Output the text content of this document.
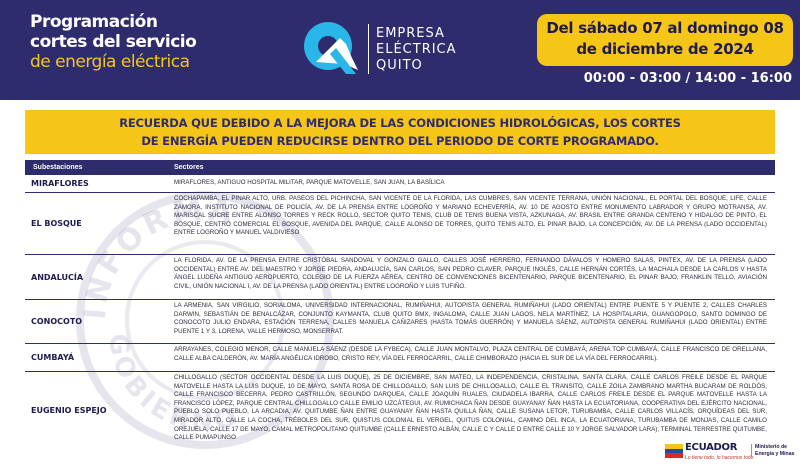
Programación
cortes del servicio
de energía eléctrica
EMPRESA
ELÉCTRICA
QUITO
Del sábado 07 al domingo 08
de diciembre de 2024
00:00 - 03:00 / 14:00 - 16:00
RECUERDA QUE DEBIDO A LA MEJORA DE LAS CONDICIONES HIDROLÓGICAS, LOS CORTES
DE ENERGÍA PUEDEN REDUCIRSE DENTRO DEL PERIODO DE CORTE PROGRAMADO.
Subestaciones	Sectores
MIRAFLORES	MIRAFLORES, ANTIGUO HOSPITAL MILITAR, PARQUE MATOVELLE, SAN JUAN, LA BASÍLICA
EL BOSQUE
COCHAPAMBA, EL PINAR ALTO, URB. PASEOS DEL PICHINCHA, SAN VICENTE DE LA FLORIDA, LAS CUMBRES, SAN VICENTE TERRANA, UNIÓN NACIONAL, EL PORTAL DEL BOSQUE, LIFE, CALLE ZAMORA, INSTITUTO NACIONAL DE POLICÍA, AV. DE LA PRENSA ENTRE LOGROÑO Y MARIANO ECHEVERRÍA, AV. 10 DE AGOSTO ENTRE MONUMENTO LABRADOR Y GRUPO MOTRANSA, AV. MARISCAL SUCRE ENTRE ALONSO TORRES Y RECK ROLLO, SECTOR QUITO TENIS, CLUB DE TENIS BUENA VISTA, AZKUNAGA, AV. BRASIL ENTRE GRANDA CENTENO Y HIDALGO DE PINTO, EL BOSQUE, CENTRO COMERCIAL EL BOSQUE, AVENIDA DEL PARQUE, CALLE ALONSO DE TORRES, QUITO TENIS ALTO, EL PINAR BAJO, LA CONCEPCIÓN, AV. DE LA PRENSA (LADO OCCIDENTAL) ENTRE LOGROÑO Y MANUEL VALDIVIESO
ANDALUCÍA
LA FLORIDA, AV. DE LA PRENSA ENTRE CRISTÓBAL SANDOVAL Y GONZALO GALLO, CALLES JOSÉ HERRERO, FERNANDO DÁVALOS Y HOMERO SALAS, PINTEX, AV. DE LA PRENSA (LADO OCCIDENTAL) ENTRE AV. DEL MAESTRO Y JORGE PIEDRA, ANDALUCÍA, SAN CARLOS, SAN PEDRO CLAVER, PARQUE INGLÉS, CALLE HERNÁN CORTÉS, LA MACHALA DESDE LA CARLOS V HASTA ÁNGEL LUDEÑA ANTIGUO AEROPUERTO, COLEGIO DE LA FUERZA AÉREA, CENTRO DE CONVENCIONES BICENTENARIO, PARQUE BICENTENARIO, EL PINAR BAJO, FRANKLIN TELLO, AVIACIÓN CIVIL, UNIÓN NACIONAL I, AV. DE LA PRENSA (LADO ORIENTAL) ENTRE LOGROÑO Y LUIS TUFIÑO.
CONOCOTO
LA ARMENIA, SAN VIRGILIO, SORIALOMA, UNIVERSIDAD INTERNACIONAL, RUMIÑAHUI, AUTOPISTA GENERAL RUMIÑAHUI (LADO ORIENTAL) ENTRE PUENTE 5 Y PUENTE 2, CALLES CHARLES DARWIN, SEBASTIÁN DE BENALCÁZAR, CONJUNTO KAYMANTA, CLUB QUITO BMX, INGALOMA, CALLE JUAN LAGOS, NELA MARTÍNEZ, LA HOSPITALARIA, GUANGOPOLO, SANTO DOMINGO DE CONOCOTO JULIO ENDARA, ESTACIÓN TERRENA, CALLES MANUELA CAÑIZARES (HASTA TOMÁS GUERRÓN) Y MANUELA SÁENZ, AUTOPISTA GENERAL RUMIÑAHUI (LADO ORIENTAL) ENTRE PUENTE 1 Y 3, LORENA, VALLE HERMOSO, MONSERRAT.
CUMBAYÁ
ARRAYANES, COLEGIO MENOR, CALLE MANUELA SÁENZ (DESDE LA FYBECA), CALLE JUAN MONTALVO, PLAZA CENTRAL DE CUMBAYÁ, ARENA TOP CUMBAYÁ, CALLE FRANCISCO DE ORELLANA, CALLE ALBA CALDERÓN, AV. MARÍA ANGÉLICA IDROBO, CRISTO REY, VÍA DEL FERROCARRIL, CALLE CHIMBORAZO (HACIA EL SUR DE LA VÍA DEL FERROCARRIL).
EUGENIO ESPEJO
CHILLOGALLO (SECTOR OCCIDENTAL DESDE LA LUIS DUQUE), 25 DE DICIEMBRE, SAN MATEO, LA INDEPENDENCIA, CRISTALINA, SANTA CLARA, CALLE CARLOS FREILE DESDE EL PARQUE MATOVELLE HASTA LA LUIS DUQUE, 10 DE MAYO, SANTA ROSA DE CHILLOGALLO, SAN LUIS DE CHILLOGALLO, CALLE EL TRANSITO, CALLE ZOILA ZAMBRANO MARTHA BUCARAM DE ROLDÓS, CALLE FRANCISCO BECERRA, PEDRO CASTRILLÓN, SEGUNDO DARQUEA, CALLE JOAQUÍN RUALES, CIUDADELA IBARRA, CALLE CARLOS FREILE DESDE EL PARQUE MATOVELLE HASTA LA FRANCISCO LÓPEZ, PARQUE CENTRAL CHILLOGALLO CALLE EMILIO UZCÁTEGUI, AV. RUMICHACA ÑAN DESDE GUAYANAY ÑAN HASTA LA ECUATORIANA, COOPERATIVA DEL EJÉRCITO NACIONAL, PUEBLO SOLO PUEBLO, LA ARCADIA, AV. QUITUMBE ÑAN ENTRE GUAYANAY ÑAN HASTA QUILLA ÑAN, CALLE SUSANA LETOR, TURUBAMBA, CALLE CARLOS VILLACÍS, ORQUÍDEAS DEL SUR, MIRADOR ALTO, CALLE LA COCHA, TRÉBOLES DEL SUR, QUISTUS COLONIAL EL VERGEL, QUITUS COLONIAL, CAMINO DEL INCA, LA ECUATORIANA, TURUBAMBA DE MONJAS, CALLE CAMILO OREJUELA, CALLE 17 DE MAYO, CAMAL METROPOLITANO QUITUMBE (CALLE ERNESTO ALBÁN, CALLE C Y CALLE D ENTRE CALLE 10 Y JORGE SALVADOR LARA); TERMINAL TERRESTRE QUITUMBE, CALLE PUMAPUNGO
INFORMA
GOBIERNO
ECUADOR
Lo tiene todo, lo hacemos todo
Ministerio de Energía y Minas
